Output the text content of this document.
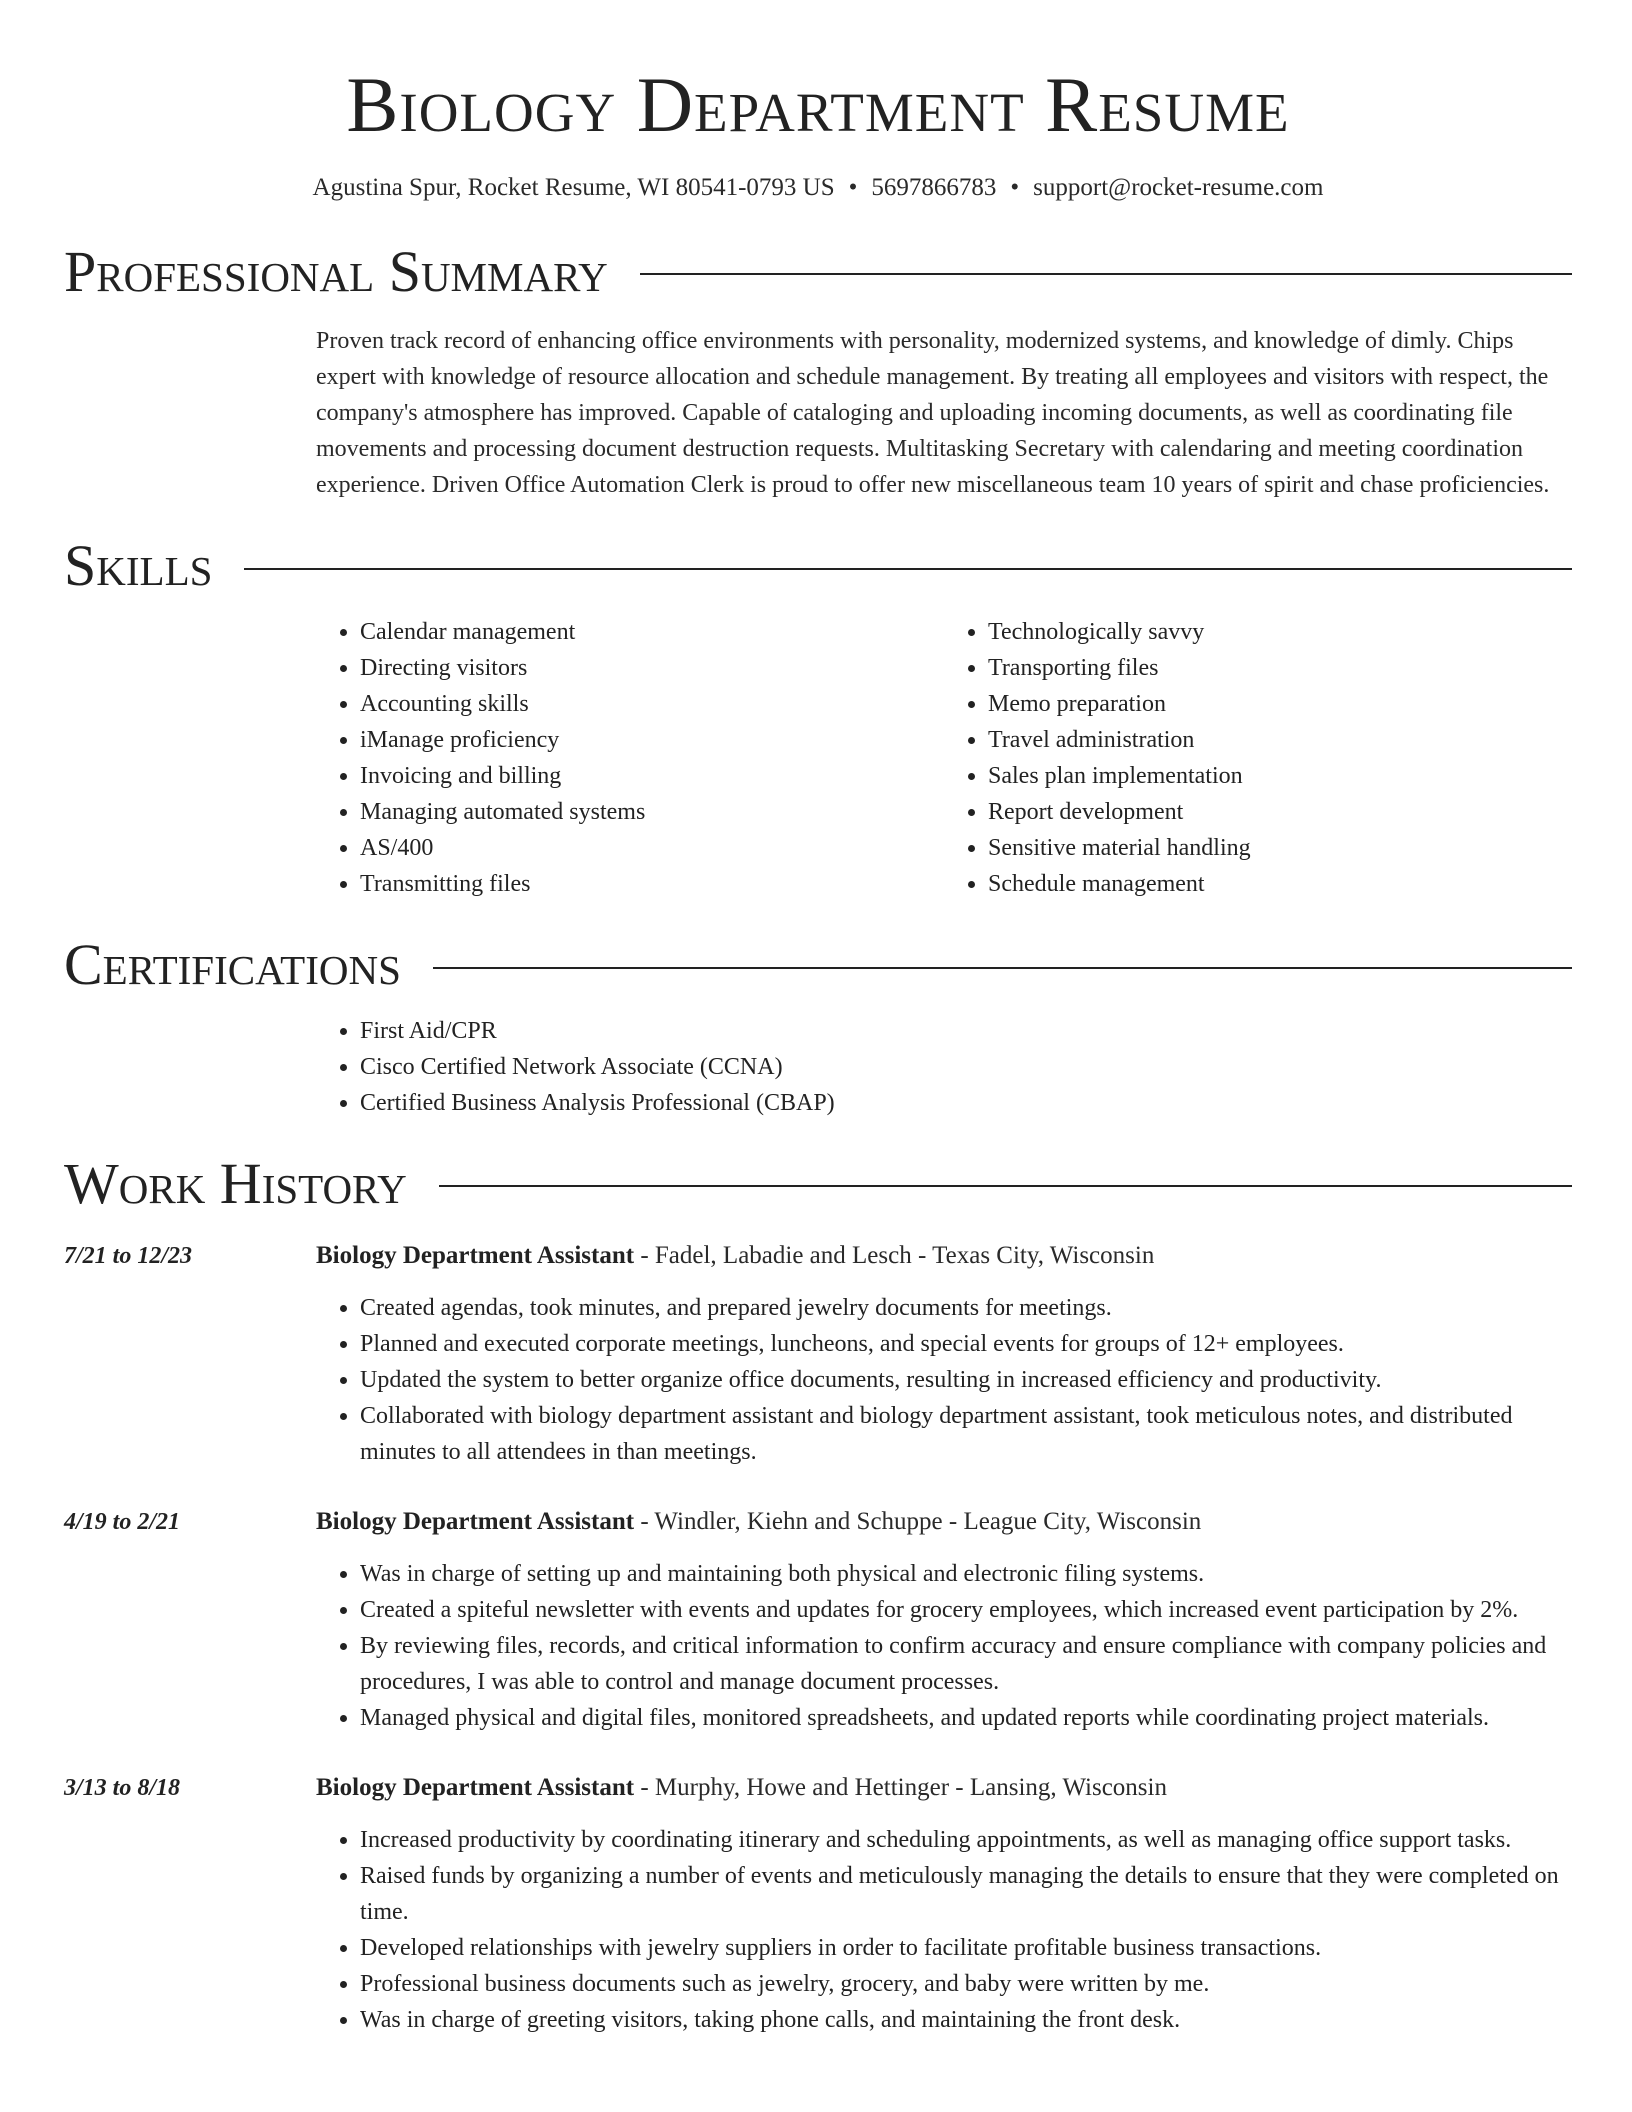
Biology Department Resume
Agustina Spur, Rocket Resume, WI 80541-0793 US • 5697866783 • support@rocket-resume.com
Professional Summary
Proven track record of enhancing office environments with personality, modernized systems, and knowledge of dimly. Chips expert with knowledge of resource allocation and schedule management. By treating all employees and visitors with respect, the company's atmosphere has improved. Capable of cataloging and uploading incoming documents, as well as coordinating file movements and processing document destruction requests. Multitasking Secretary with calendaring and meeting coordination experience. Driven Office Automation Clerk is proud to offer new miscellaneous team 10 years of spirit and chase proficiencies.
Skills
• Calendar management
• Directing visitors
• Accounting skills
• iManage proficiency
• Invoicing and billing
• Managing automated systems
• AS/400
• Transmitting files
• Technologically savvy
• Transporting files
• Memo preparation
• Travel administration
• Sales plan implementation
• Report development
• Sensitive material handling
• Schedule management
Certifications
• First Aid/CPR
• Cisco Certified Network Associate (CCNA)
• Certified Business Analysis Professional (CBAP)
Work History
7/21 to 12/23	Biology Department Assistant - Fadel, Labadie and Lesch - Texas City, Wisconsin
• Created agendas, took minutes, and prepared jewelry documents for meetings.
• Planned and executed corporate meetings, luncheons, and special events for groups of 12+ employees.
• Updated the system to better organize office documents, resulting in increased efficiency and productivity.
• Collaborated with biology department assistant and biology department assistant, took meticulous notes, and distributed minutes to all attendees in than meetings.
4/19 to 2/21	Biology Department Assistant - Windler, Kiehn and Schuppe - League City, Wisconsin
• Was in charge of setting up and maintaining both physical and electronic filing systems.
• Created a spiteful newsletter with events and updates for grocery employees, which increased event participation by 2%.
• By reviewing files, records, and critical information to confirm accuracy and ensure compliance with company policies and procedures, I was able to control and manage document processes.
• Managed physical and digital files, monitored spreadsheets, and updated reports while coordinating project materials.
3/13 to 8/18	Biology Department Assistant - Murphy, Howe and Hettinger - Lansing, Wisconsin
• Increased productivity by coordinating itinerary and scheduling appointments, as well as managing office support tasks.
• Raised funds by organizing a number of events and meticulously managing the details to ensure that they were completed on time.
• Developed relationships with jewelry suppliers in order to facilitate profitable business transactions.
• Professional business documents such as jewelry, grocery, and baby were written by me.
• Was in charge of greeting visitors, taking phone calls, and maintaining the front desk.
